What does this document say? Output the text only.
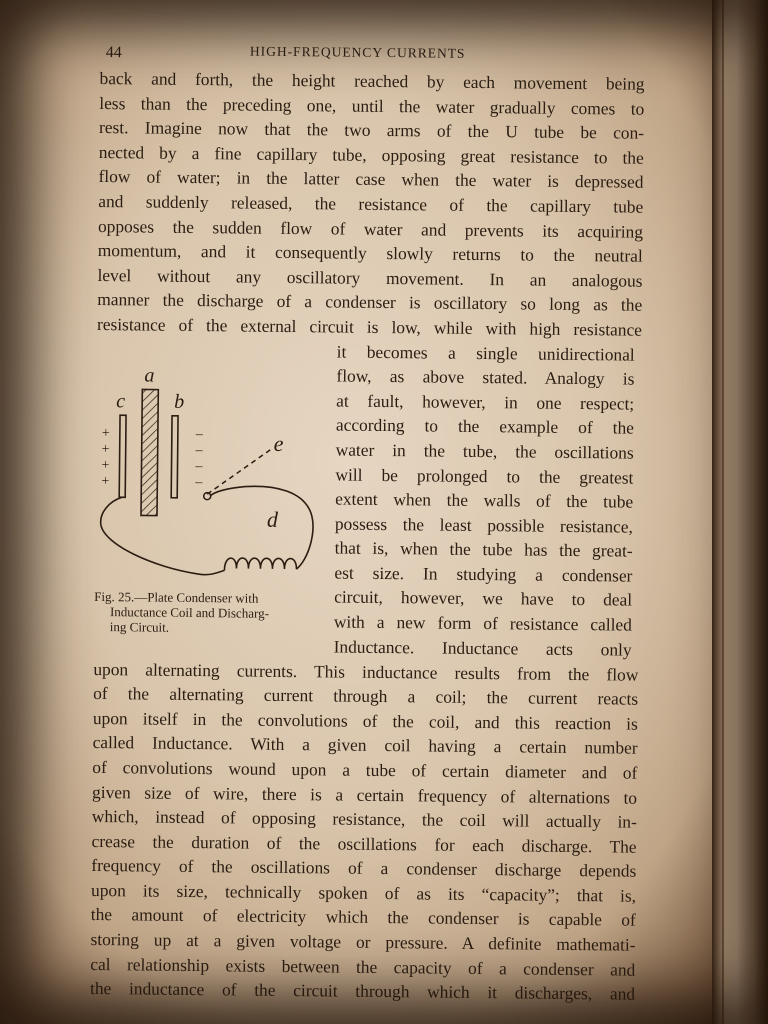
44	HIGH-FREQUENCY CURRENTS
back and forth, the height reached by each movement being
less than the preceding one, until the water gradually comes to
rest. Imagine now that the two arms of the U tube be con-
nected by a fine capillary tube, opposing great resistance to the
flow of water; in the latter case when the water is depressed
and suddenly released, the resistance of the capillary tube
opposes the sudden flow of water and prevents its acquiring
momentum, and it consequently slowly returns to the neutral
level without any oscillatory movement. In an analogous
manner the discharge of a condenser is oscillatory so long as the
resistance of the external circuit is low, while with high resistance
+
+
+
+
–
–
–
–
a
b
c
d
e
Fig. 25.—Plate Condenser with
Inductance Coil and Discharg-
ing Circuit.
it becomes a single unidirectional
flow, as above stated. Analogy is
at fault, however, in one respect;
according to the example of the
water in the tube, the oscillations
will be prolonged to the greatest
extent when the walls of the tube
possess the least possible resistance,
that is, when the tube has the great-
est size. In studying a condenser
circuit, however, we have to deal
with a new form of resistance called
Inductance. Inductance acts only
upon alternating currents. This inductance results from the flow
of the alternating current through a coil; the current reacts
upon itself in the convolutions of the coil, and this reaction is
called Inductance. With a given coil having a certain number
of convolutions wound upon a tube of certain diameter and of
given size of wire, there is a certain frequency of alternations to
which, instead of opposing resistance, the coil will actually in-
crease the duration of the oscillations for each discharge. The
frequency of the oscillations of a condenser discharge depends
upon its size, technically spoken of as its “capacity”; that is,
the amount of electricity which the condenser is capable of
storing up at a given voltage or pressure. A definite mathemati-
cal relationship exists between the capacity of a condenser and
the inductance of the circuit through which it discharges, and
